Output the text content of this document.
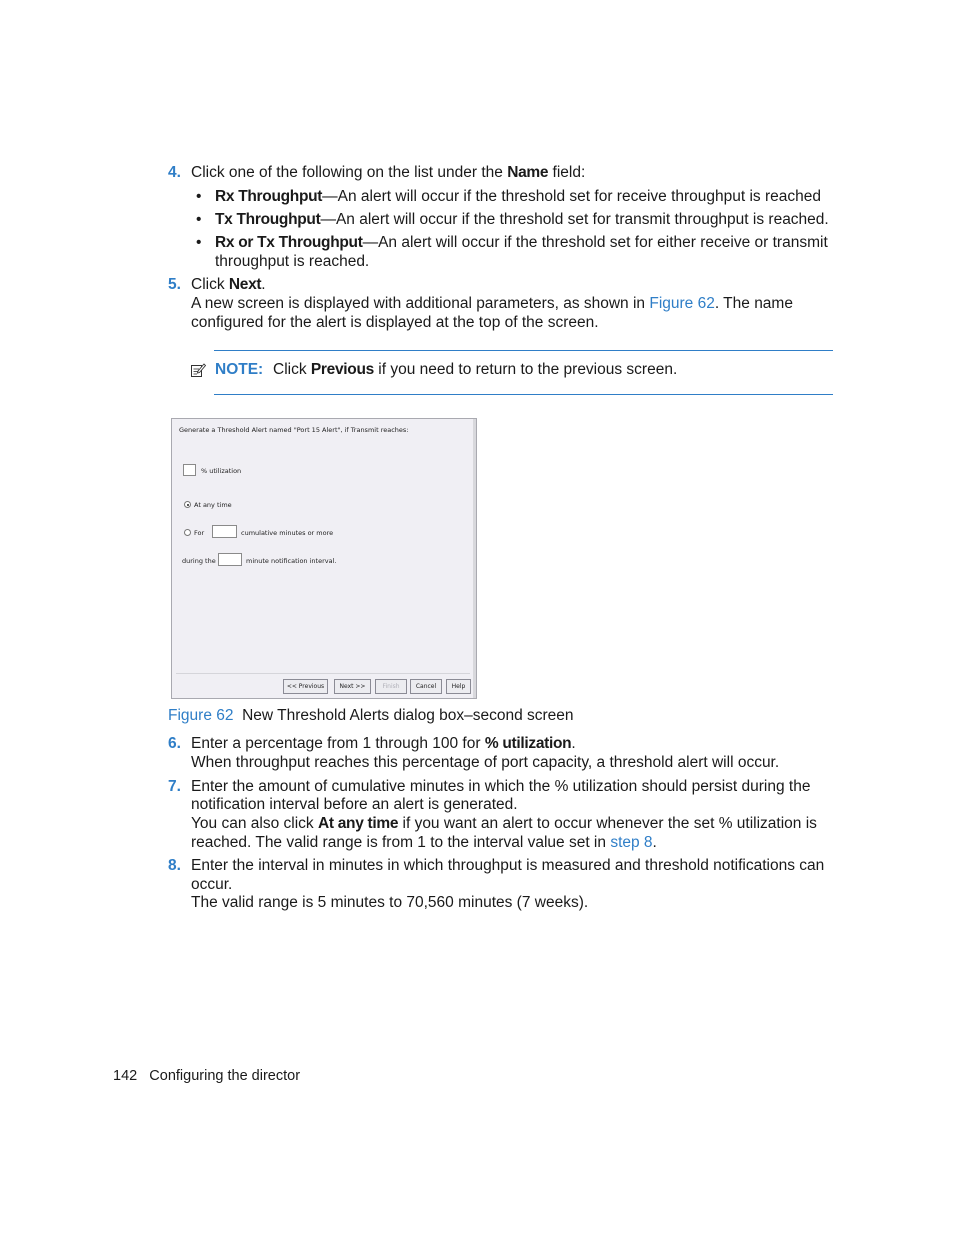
4. Click one of the following on the list under the Name field:
• Rx Throughput—An alert will occur if the threshold set for receive throughput is reached
• Tx Throughput—An alert will occur if the threshold set for transmit throughput is reached.
• Rx or Tx Throughput—An alert will occur if the threshold set for either receive or transmit
throughput is reached.
5. Click Next.
A new screen is displayed with additional parameters, as shown in Figure 62. The name
configured for the alert is displayed at the top of the screen.
NOTE: Click Previous if you need to return to the previous screen.
Generate a Threshold Alert named "Port 15 Alert", if Transmit reaches:
% utilization
At any time
For	cumulative minutes or more
during the	minute notification interval.
<< Previous	Next >>	Finish	Cancel	Help
Figure 62 New Threshold Alerts dialog box–second screen
6. Enter a percentage from 1 through 100 for % utilization.
When throughput reaches this percentage of port capacity, a threshold alert will occur.
7. Enter the amount of cumulative minutes in which the % utilization should persist during the
notification interval before an alert is generated.
You can also click At any time if you want an alert to occur whenever the set % utilization is
reached. The valid range is from 1 to the interval value set in step 8.
8. Enter the interval in minutes in which throughput is measured and threshold notifications can
occur.
The valid range is 5 minutes to 70,560 minutes (7 weeks).
142 Configuring the director
